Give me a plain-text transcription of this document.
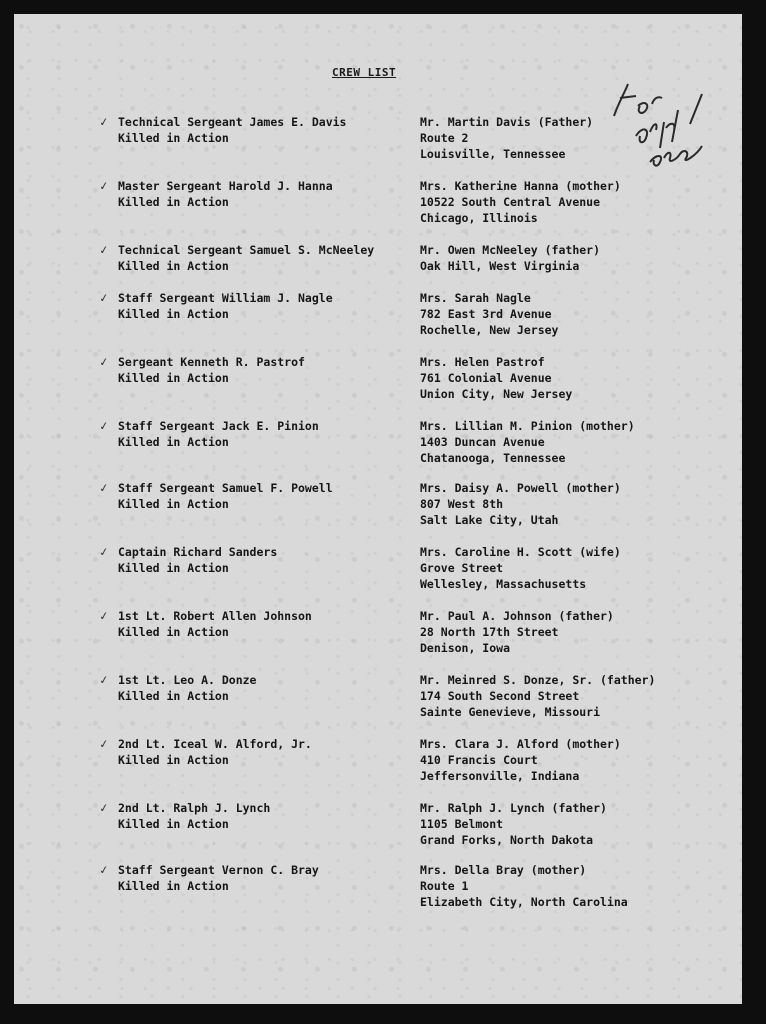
CREW LIST
✓ Technical Sergeant James E. Davis
Killed in Action
Mr. Martin Davis (Father)
Route 2
Louisville, Tennessee
✓ Master Sergeant Harold J. Hanna
Killed in Action
Mrs. Katherine Hanna (mother)
10522 South Central Avenue
Chicago, Illinois
✓ Technical Sergeant Samuel S. McNeeley
Killed in Action
Mr. Owen McNeeley (father)
Oak Hill, West Virginia
✓ Staff Sergeant William J. Nagle
Killed in Action
Mrs. Sarah Nagle
782 East 3rd Avenue
Rochelle, New Jersey
✓ Sergeant Kenneth R. Pastrof
Killed in Action
Mrs. Helen Pastrof
761 Colonial Avenue
Union City, New Jersey
✓ Staff Sergeant Jack E. Pinion
Killed in Action
Mrs. Lillian M. Pinion (mother)
1403 Duncan Avenue
Chatanooga, Tennessee
✓ Staff Sergeant Samuel F. Powell
Killed in Action
Mrs. Daisy A. Powell (mother)
807 West 8th
Salt Lake City, Utah
✓ Captain Richard Sanders
Killed in Action
Mrs. Caroline H. Scott (wife)
Grove Street
Wellesley, Massachusetts
✓ 1st Lt. Robert Allen Johnson
Killed in Action
Mr. Paul A. Johnson (father)
28 North 17th Street
Denison, Iowa
✓ 1st Lt. Leo A. Donze
Killed in Action
Mr. Meinred S. Donze, Sr. (father)
174 South Second Street
Sainte Genevieve, Missouri
✓ 2nd Lt. Iceal W. Alford, Jr.
Killed in Action
Mrs. Clara J. Alford (mother)
410 Francis Court
Jeffersonville, Indiana
✓ 2nd Lt. Ralph J. Lynch
Killed in Action
Mr. Ralph J. Lynch (father)
1105 Belmont
Grand Forks, North Dakota
✓ Staff Sergeant Vernon C. Bray
Killed in Action
Mrs. Della Bray (mother)
Route 1
Elizabeth City, North Carolina
